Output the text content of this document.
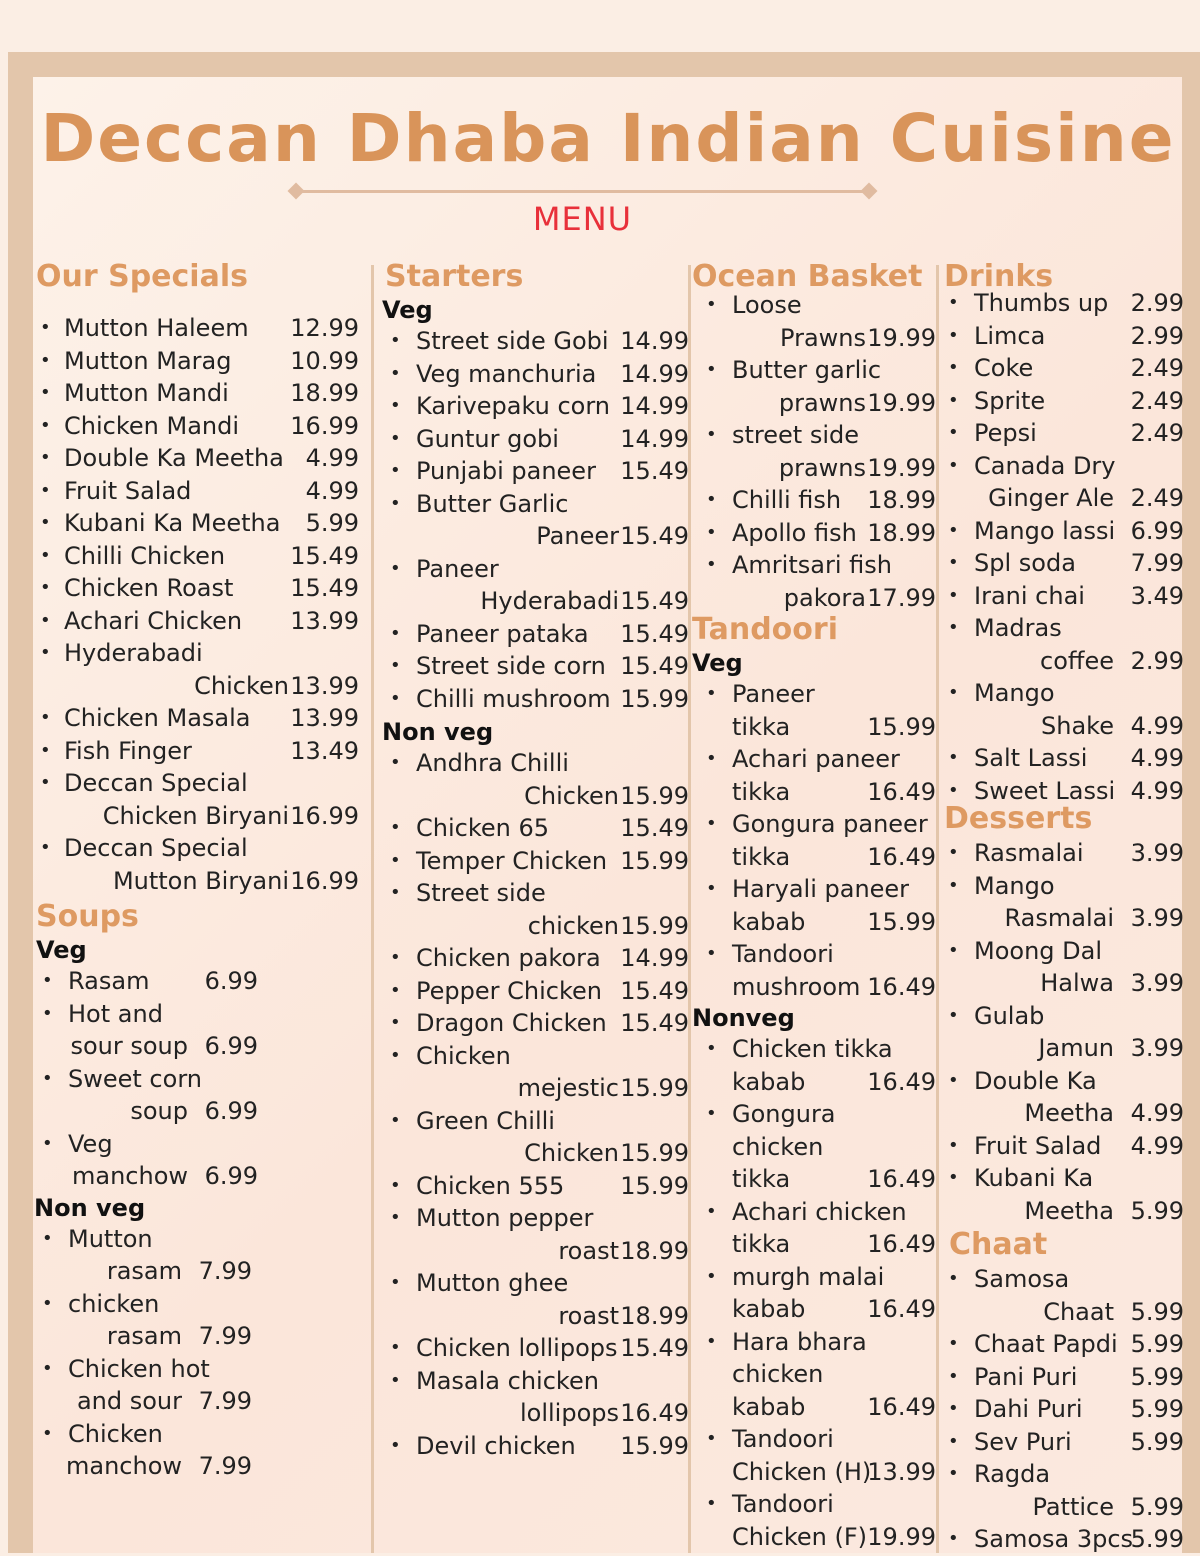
Deccan Dhaba Indian Cuisine
MENU
Our Specials
• Mutton Haleem 12.99
• Mutton Marag 10.99
• Mutton Mandi	18.99
• Chicken Mandi 16.99
• Double Ka Meetha 4.99
• Fruit Salad	4.99
• Kubani Ka Meetha 5.99
• Chilli Chicken	15.49
• Chicken Roast 15.49
• Achari Chicken 13.99
• Hyderabadi
Chicken 13.99
• Chicken Masala 13.99
• Fish Finger	13.49
• Deccan Special
Chicken Biryani 16.99
• Deccan Special
Mutton Biryani 16.99
Soups
Veg
• Rasam 6.99
• Hot and
sour soup 6.99
• Sweet corn
soup 6.99
• Veg
manchow 6.99
Non veg
• Mutton
rasam 7.99
• chicken
rasam 7.99
• Chicken hot
and sour 7.99
• Chicken
manchow 7.99
Starters
Veg
• Street side Gobi 14.99
• Veg manchuria 14.99
• Karivepaku corn 14.99
• Guntur gobi	14.99
• Punjabi paneer 15.49
• Butter Garlic
Paneer 15.49
• Paneer
Hyderabadi 15.49
• Paneer pataka 15.49
• Street side corn 15.49
• Chilli mushroom 15.99
Non veg
• Andhra Chilli
Chicken 15.99
• Chicken 65	15.49
• Temper Chicken 15.99
• Street side
chicken 15.99
• Chicken pakora 14.99
• Pepper Chicken 15.49
• Dragon Chicken 15.49
• Chicken
mejestic 15.99
• Green Chilli
Chicken 15.99
• Chicken 555 15.99
• Mutton pepper
roast 18.99
• Mutton ghee
roast 18.99
• Chicken lollipops 15.49
• Masala chicken
lollipops 16.49
• Devil chicken 15.99
Ocean Basket
• Loose
Prawns 19.99
• Butter garlic
prawns 19.99
• street side
prawns 19.99
• Chilli fish 18.99
• Apollo fish 18.99
• Amritsari fish
pakora 17.99
Tandoori
Veg
• Paneer
tikka	15.99
• Achari paneer
tikka	16.49
• Gongura paneer
tikka	16.49
• Haryali paneer
kabab	15.99
• Tandoori
mushroom 16.49
Nonveg
• Chicken tikka
kabab	16.49
• Gongura
chicken
tikka	16.49
• Achari chicken
tikka	16.49
• murgh malai
kabab	16.49
• Hara bhara
chicken
kabab	16.49
• Tandoori
Chicken (H)
13.99
• Tandoori
Chicken (F) 19.99
Drinks
• Thumbs up 2.99
• Limca	2.99
• Coke	2.49
• Sprite	2.49
• Pepsi	2.49
• Canada Dry
Ginger Ale 2.49
• Mango lassi 6.99
• Spl soda 7.99
• Irani chai 3.49
• Madras
coffee 2.99
• Mango
Shake 4.99
• Salt Lassi 4.99
• Sweet Lassi 4.99
Desserts
• Rasmalai 3.99
• Mango
Rasmalai 3.99
• Moong Dal
Halwa 3.99
• Gulab
Jamun 3.99
• Double Ka
Meetha 4.99
• Fruit Salad 4.99
• Kubani Ka
Meetha 5.99
Chaat
• Samosa
Chaat 5.99
• Chaat Papdi 5.99
• Pani Puri 5.99
• Dahi Puri 5.99
• Sev Puri 5.99
• Ragda
Pattice 5.99
• Samosa 3pcs
5.99
